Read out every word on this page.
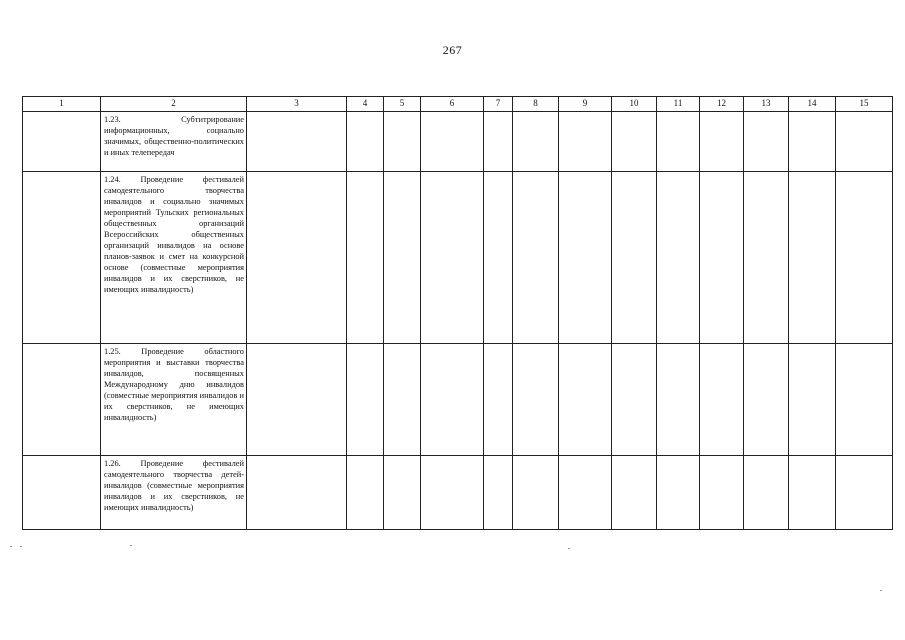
267
1	2	3	4	5	6	7	8	9	10	11	12	13	14	15
	1.23. Субтитрирование информационных, социально значимых, общественно-политических и иных телепередач													
	1.24. Проведение фестивалей самодеятельного творчества инвалидов и социально значимых мероприятий Тульских региональных общественных организаций Всероссийских общественных организаций инвалидов на основе планов-заявок и смет на конкурсной основе (совместные мероприятия инвалидов и их сверстников, не имеющих инвалидность)													
	1.25. Проведение областного мероприятия и выставки творчества инвалидов, посвященных Международному дню инвалидов (совместные мероприятия инвалидов и их сверстников, не имеющих инвалидность)													
	1.26. Проведение фестивалей самодеятельного творчества детей-инвалидов (совместные мероприятия инвалидов и их сверстников, не имеющих инвалидность)													
